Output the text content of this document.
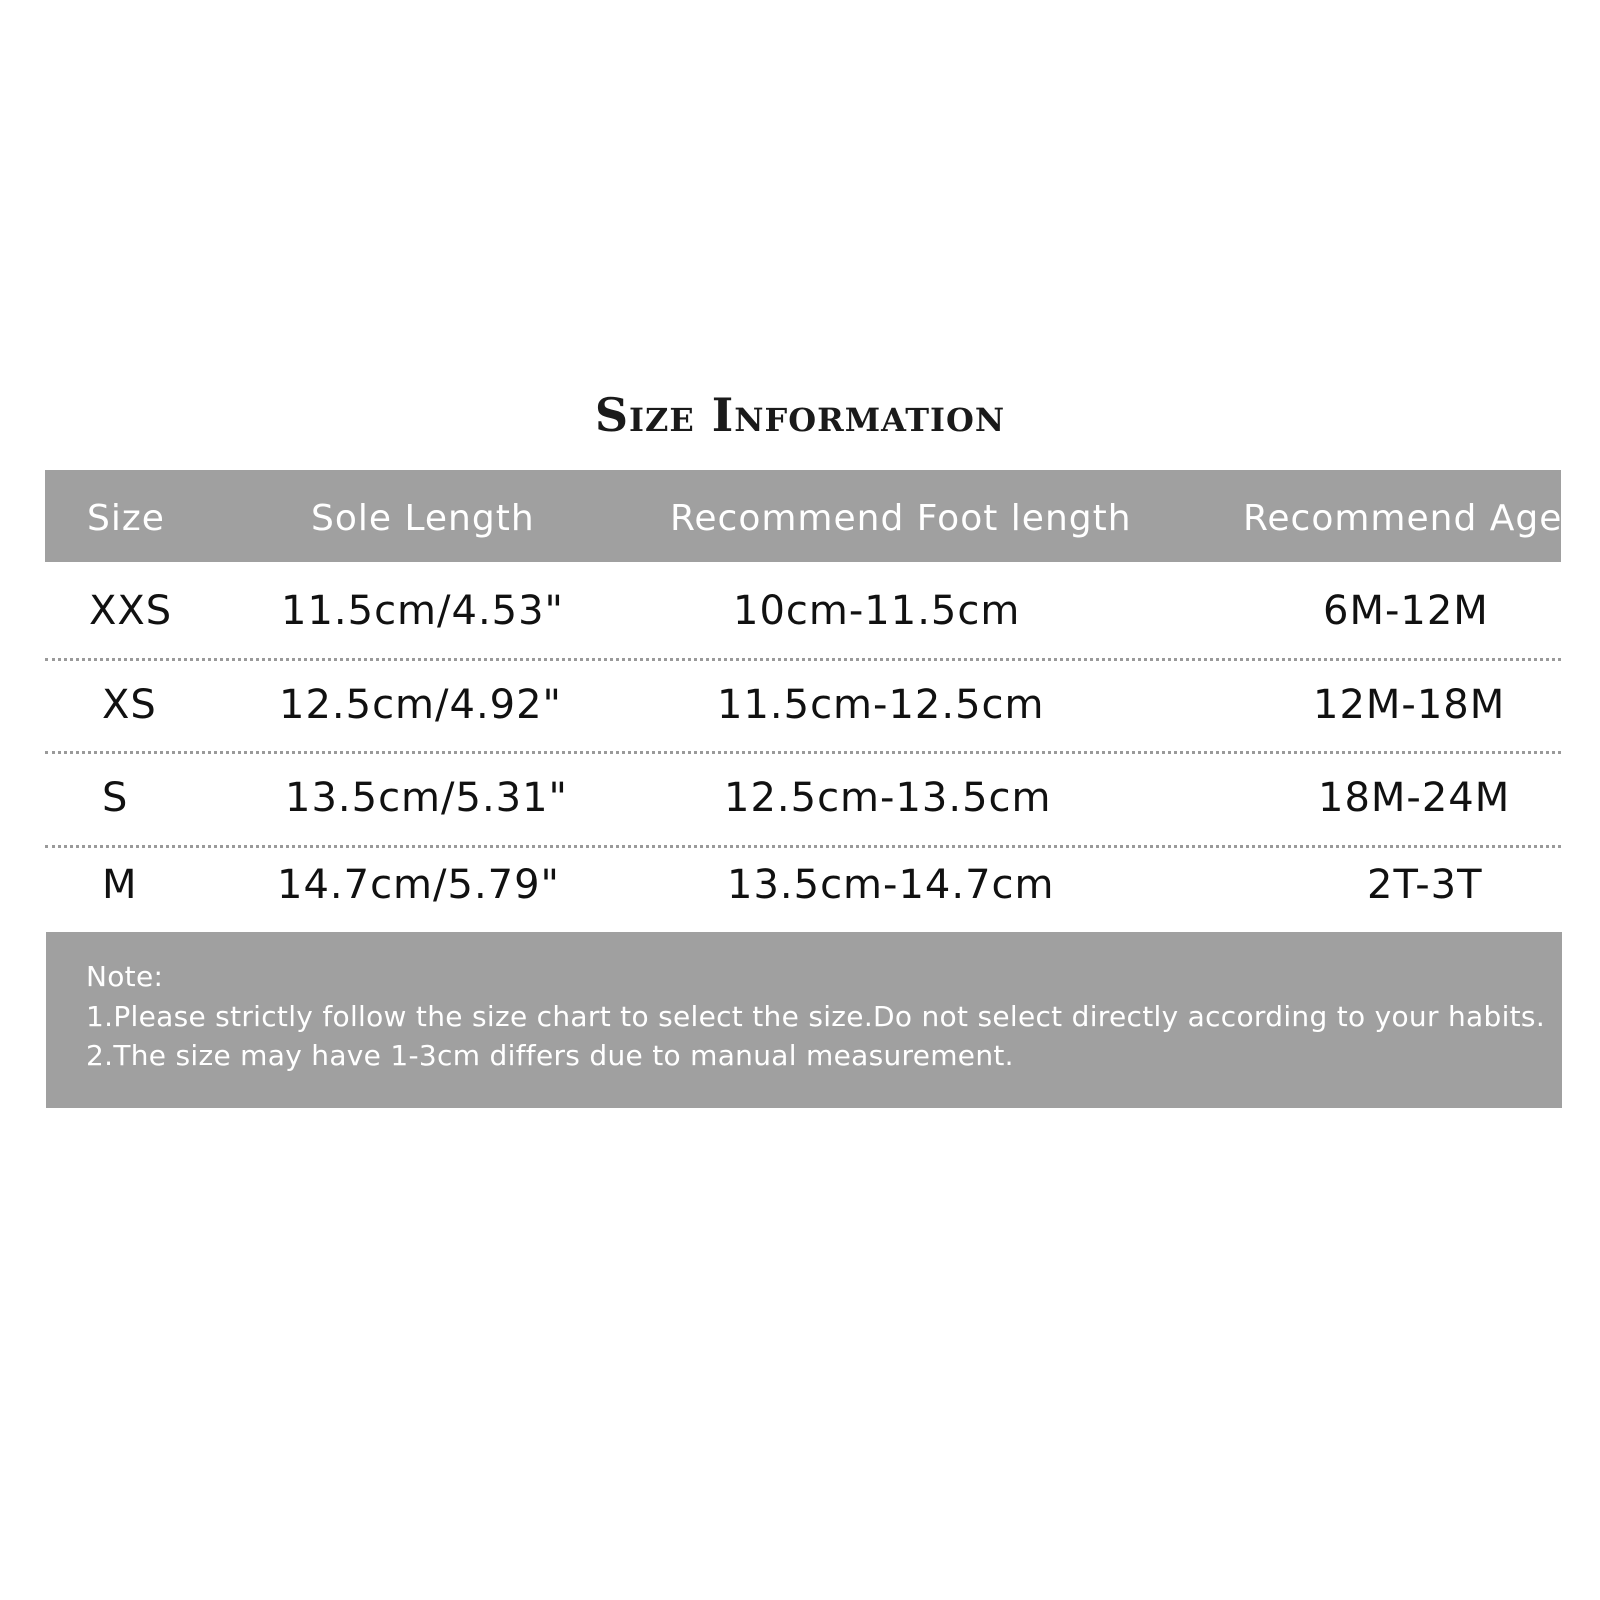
Size Information
Size	Sole Length	Recommend Foot length	Recommend Age
XXS	11.5cm/4.53"	10cm-11.5cm	6M-12M
XS	12.5cm/4.92"	11.5cm-12.5cm	12M-18M
S	13.5cm/5.31"	12.5cm-13.5cm	18M-24M
M	14.7cm/5.79"	13.5cm-14.7cm	2T-3T
Note:
1.Please strictly follow the size chart to select the size.Do not select directly according to your habits.
2.The size may have 1-3cm differs due to manual measurement.
